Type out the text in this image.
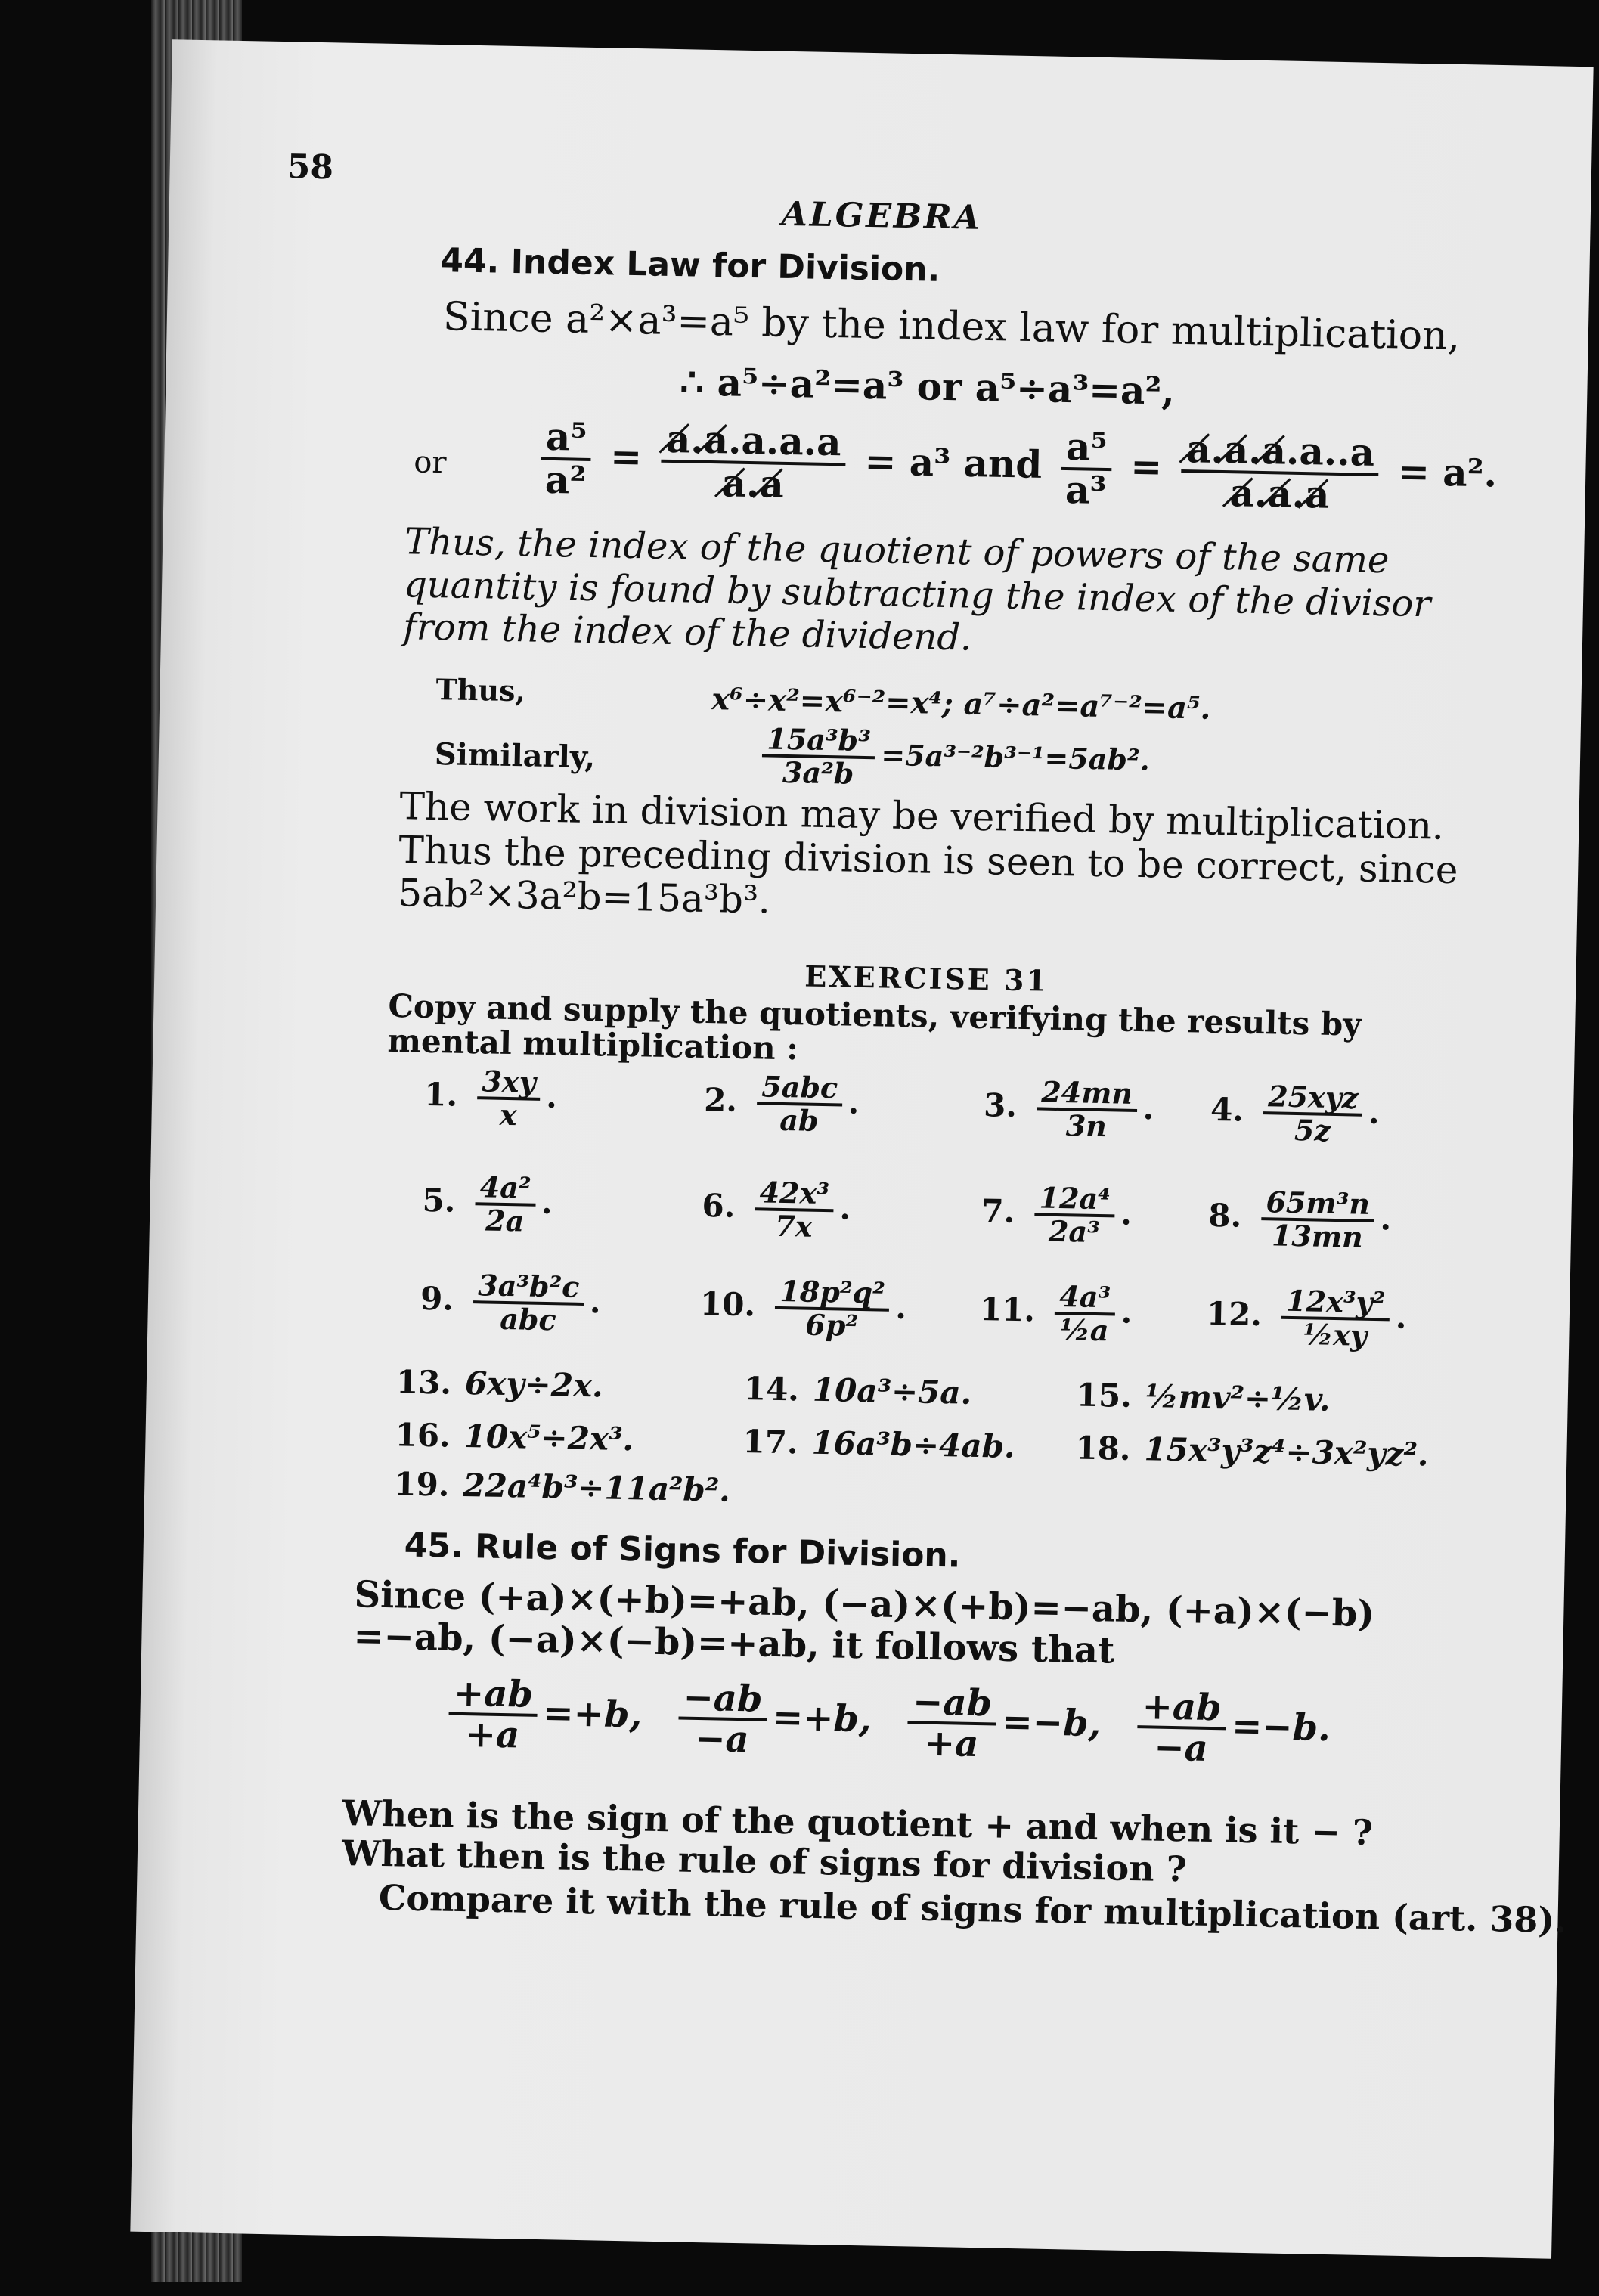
58
ALGEBRA
44. Index Law for Division.
Since a²×a³=a⁵ by the index law for multiplication,
∴ a⁵÷a²=a³ or a⁵÷a³=a²,
or $\frac{\text{a⁵}}{\text{a²}} = \frac{a̸.a̸.a.a.a}{a̸.a̸} = a^3$ and $\frac{\text{a⁵}}{\text{a³}} = \frac{a̸.a̸.a̸.a..a}{a̸.a̸.a̸} = a^2$.
Thus, the index of the quotient of powers of the same quantity is found by subtracting the index of the divisor from the index of the dividend.
Thus,	x⁶÷x²=x⁶⁻²=x⁴; a⁷÷a²=a⁷⁻²=a⁵.
Similarly,	$\frac{\text{15a³b³}}{\text{3a²b}} =5a^{3-2}b^{3-1}=5ab^2$.
The work in division may be verified by multiplication. Thus the preceding division is seen to be correct, since 5ab²×3a²b=15a³b³.
EXERCISE 31
Copy and supply the quotients, verifying the results by mental multiplication :
1. $\frac{3xy}{x}$ .	2. $\frac{\text{5abc}}{ab}$ .	3. $\frac{24mn}{3n}$ . 4. $\frac{\text{25xyz}}{5z}$ .
5. $\frac{\text{4a²}}{2a}$ .	6. $\frac{\text{42x³}}{7x}$ .	7. $\frac{\text{12a⁴}}{\text{2a³}}$ . 8. $\frac{\text{65m³n}}{13mn}$ .
9. $\frac{\text{3a³b²c}}{\text{abc}}$ .	10. $\frac{\text{18p²q²}}{\text{6p²}}$ . 11. $\frac{\text{4a³}}{\text{½a}}$ . 12. $\frac{\text{12x³y²}}{\text{½xy}}$ .
13. 6xy÷2x.	14. 10a³÷5a.	15. ½mv²÷½v.
16. 10x⁵÷2x³.	17. 16a³b÷4ab. 18. 15x³y³z⁴÷3x²yz².
19. 22a⁴b³÷11a²b².
45. Rule of Signs for Division.
Since (+a)×(+b)=+ab, (−a)×(+b)=−ab, (+a)×(−b) =−ab, (−a)×(−b)=+ab, it follows that
$\frac{+ab}{+a} =+b$, $\frac{-ab}{-a} =+b$, $\frac{-ab}{+a} =-b$, $\frac{+ab}{-a} =-b$.
When is the sign of the quotient + and when is it − ? What then is the rule of signs for division ?
Compare it with the rule of signs for multiplication (art. 38).
